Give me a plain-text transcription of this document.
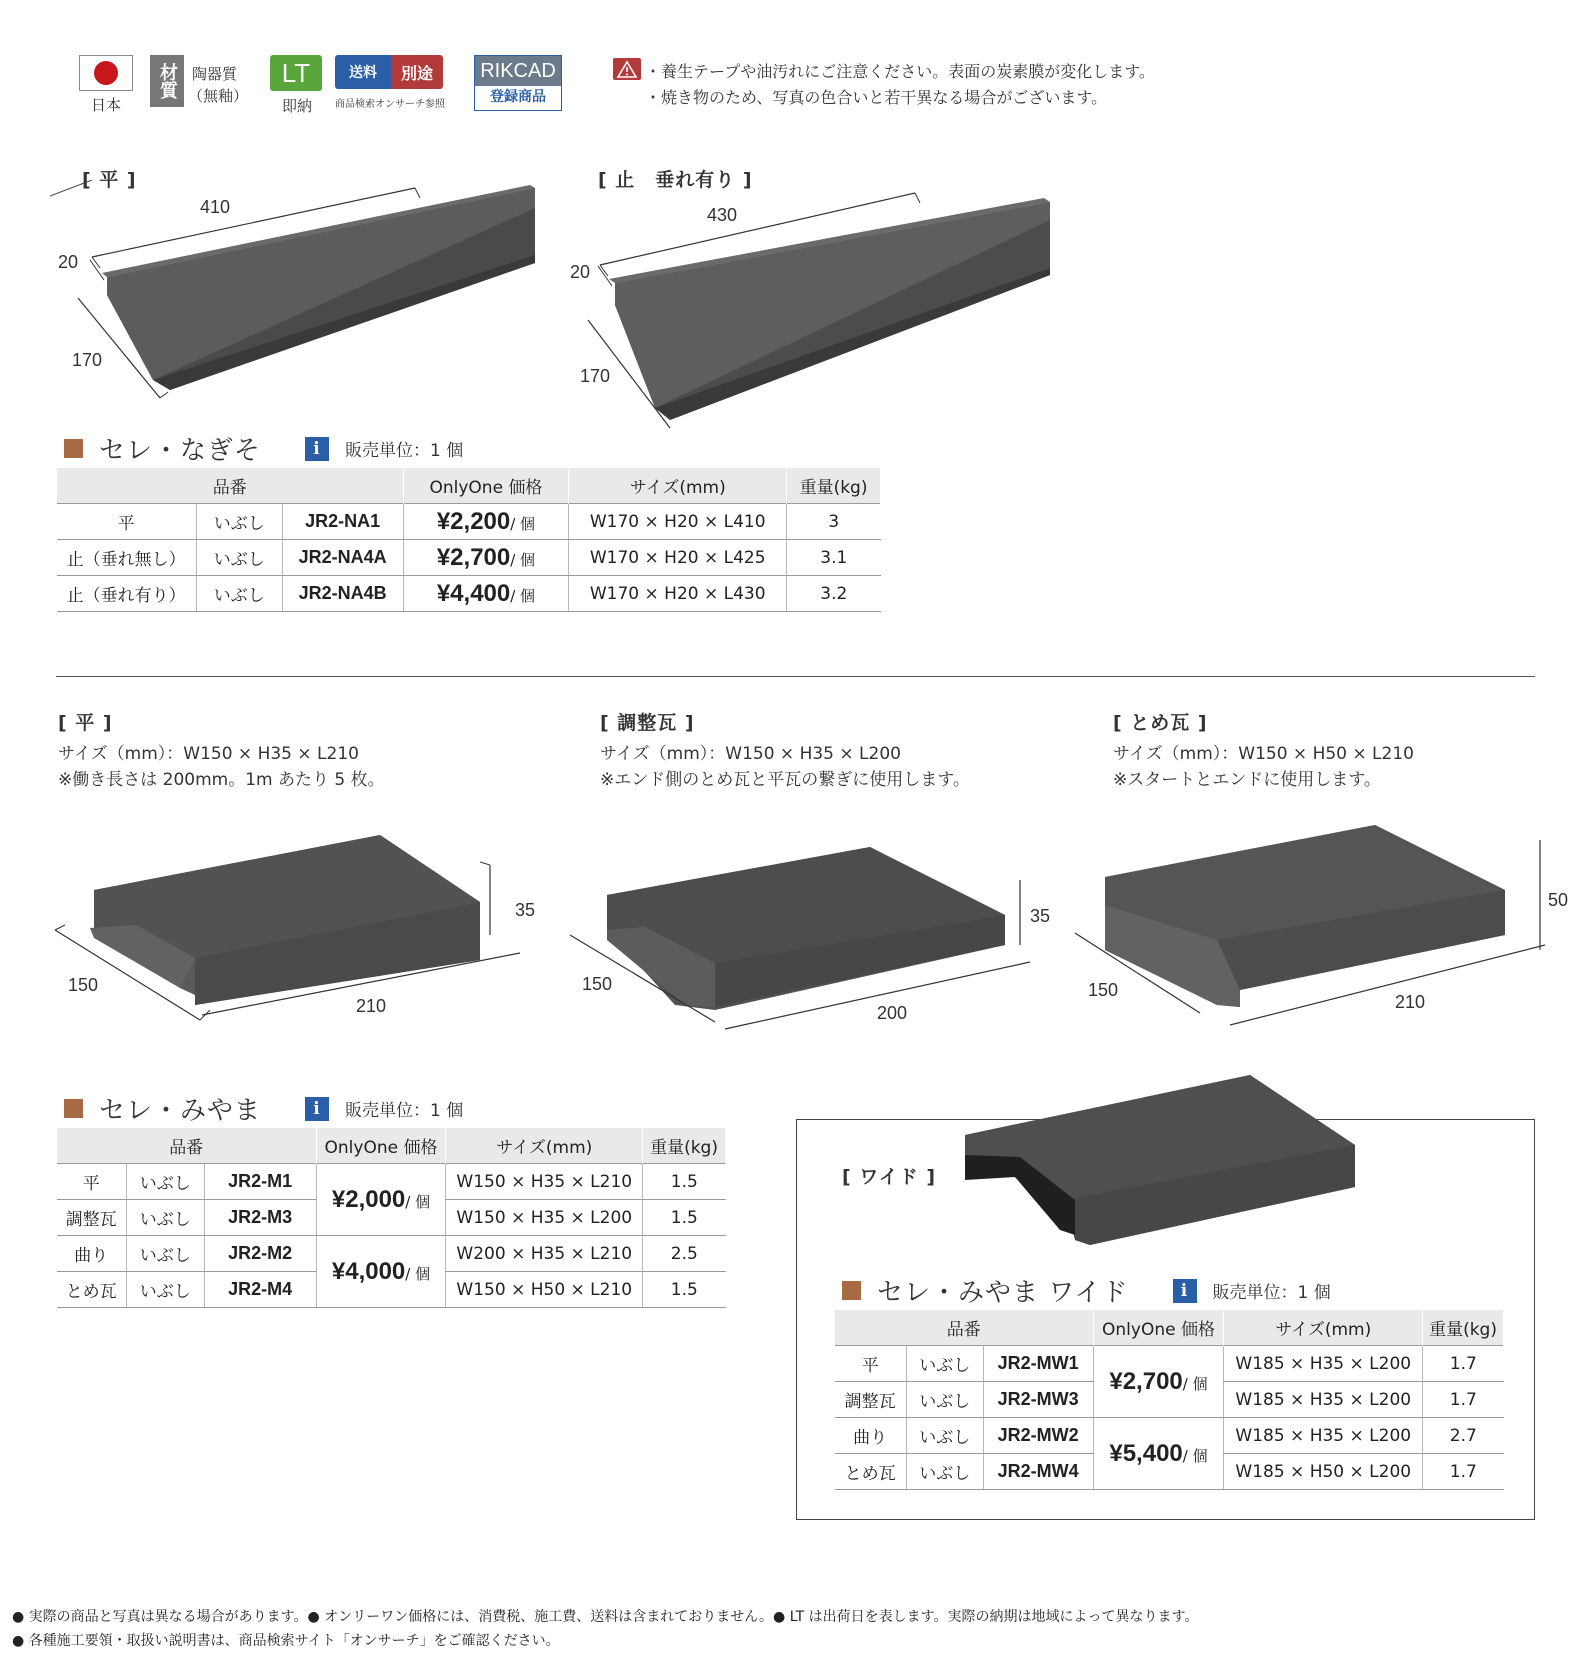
日本
材質 陶器質
（無釉）
LT
即納
送料	別途
商品検索オンサーチ参照
RIKCAD
登録商品
・養生テープや油汚れにご注意ください。表面の炭素膜が変化します。
・焼き物のため、写真の色合いと若干異なる場合がございます。
[ 平 ]
410
20
170
[ 止　垂れ有り ]
430
20
170
セレ・なぎそ	i	販売単位：1 個
品番			OnlyOne 価格	サイズ(mm)	重量(kg)
平	いぶし	JR2-NA1	¥2,200/ 個	W170 × H20 × L410	3
止（垂れ無し）	いぶし	JR2-NA4A	¥2,700/ 個	W170 × H20 × L425	3.1
止（垂れ有り）	いぶし	JR2-NA4B	¥4,400/ 個	W170 × H20 × L430	3.2
[ 平 ]
サイズ（mm）：W150 × H35 × L210
※働き長さは 200mm。1m あたり 5 枚。
[ 調整瓦 ]
サイズ（mm）：W150 × H35 × L200
※エンド側のとめ瓦と平瓦の繋ぎに使用します。
[ とめ瓦 ]
サイズ（mm）：W150 × H50 × L210
※スタートとエンドに使用します。
150
210
35
150
200
35
150
210
50
セレ・みやま	i	販売単位：1 個
品番			OnlyOne 価格	サイズ(mm)	重量(kg)
平	いぶし	JR2-M1	¥2,000/ 個	W150 × H35 × L210	1.5
調整瓦	いぶし	JR2-M3		W150 × H35 × L200	1.5
曲り	いぶし	JR2-M2	¥4,000/ 個	W200 × H35 × L210	2.5
とめ瓦	いぶし	JR2-M4		W150 × H50 × L210	1.5
[ ワイド ]
セレ・みやま ワイド	i	販売単位：1 個
品番			OnlyOne 価格	サイズ(mm)	重量(kg)
平	いぶし	JR2-MW1	¥2,700/ 個	W185 × H35 × L200	1.7
調整瓦	いぶし	JR2-MW3		W185 × H35 × L200	1.7
曲り	いぶし	JR2-MW2	¥5,400/ 個	W185 × H35 × L200	2.7
とめ瓦	いぶし	JR2-MW4		W185 × H50 × L200	1.7
● 実際の商品と写真は異なる場合があります。● オンリーワン価格には、消費税、施工費、送料は含まれておりません。● LT は出荷日を表します。実際の納期は地域によって異なります。
● 各種施工要領・取扱い説明書は、商品検索サイト「オンサーチ」をご確認ください。
